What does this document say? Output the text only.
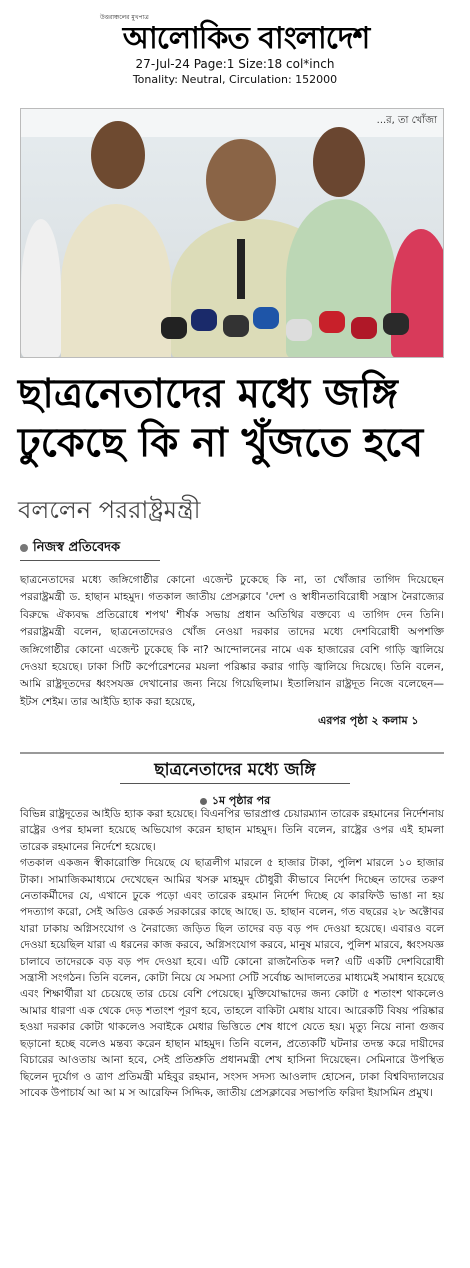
উত্তরাঞ্চলের মুখপাত্র
আলোকিত বাংলাদেশ
27-Jul-24 Page:1 Size:18 col*inch
Tonality: Neutral, Circulation: 152000
...র, তা খোঁজা
ছাত্রনেতাদের মধ্যে জঙ্গি
ঢুকেছে কি না খুঁজতে হবে
বললেন পররাষ্ট্রমন্ত্রী
নিজস্ব প্রতিবেদক
ছাত্রনেতাদের মধ্যে জঙ্গিগোষ্ঠীর কোনো এজেন্ট ঢুকেছে কি না, তা খোঁজার তাগিদ দিয়েছেন পররাষ্ট্রমন্ত্রী ড. হাছান মাহমুদ। গতকাল জাতীয় প্রেসক্লাবে 'দেশ ও স্বাধীনতাবিরোধী সন্ত্রাস নৈরাজ্যের বিরুদ্ধে ঐক্যবদ্ধ প্রতিরোধে শপথ' শীর্ষক সভায় প্রধান অতিথির বক্তব্যে এ তাগিদ দেন তিনি। পররাষ্ট্রমন্ত্রী বলেন, ছাত্রনেতাদেরও খোঁজ নেওয়া দরকার তাদের মধ্যে দেশবিরোধী অপশক্তি জঙ্গিগোষ্ঠীর কোনো এজেন্ট ঢুকেছে কি না? আন্দোলনের নামে এক হাজারের বেশি গাড়ি জ্বালিয়ে দেওয়া হয়েছে। ঢাকা সিটি কর্পোরেশনের ময়লা পরিষ্কার করার গাড়ি জ্বালিয়ে দিয়েছে। তিনি বলেন, আমি রাষ্ট্রদূতদের ধ্বংসযজ্ঞ দেখানোর জন্য নিয়ে গিয়েছিলাম। ইতালিয়ান রাষ্ট্রদূত নিজে বলেছেন— ইটস শেইম। তার আইডি হ্যাক করা হয়েছে,
এরপর পৃষ্ঠা ২ কলাম ১
ছাত্রনেতাদের মধ্যে জঙ্গি
১ম পৃষ্ঠার পর

বিভিন্ন রাষ্ট্রদূতের আইডি হ্যাক করা হয়েছে। বিএনপির ভারপ্রাপ্ত চেয়ারম্যান তারেক রহমানের নির্দেশনায় রাষ্ট্রের ওপর হামলা হয়েছে অভিযোগ করেন হাছান মাহমুদ। তিনি বলেন, রাষ্ট্রের ওপর এই হামলা তারেক রহমানের নির্দেশে হয়েছে।

গতকাল একজন স্বীকারোক্তি দিয়েছে যে ছাত্রলীগ মারলে ৫ হাজার টাকা, পুলিশ মারলে ১০ হাজার টাকা। সামাজিকমাধ্যমে দেখেছেন আমির খসরু মাহমুদ চৌধুরী কীভাবে নির্দেশ দিচ্ছেন তাদের তরুণ নেতাকর্মীদের যে, এখানে ঢুকে পড়ো এবং তারেক রহমান নির্দেশ দিচ্ছে যে কারফিউ ভাঙা না হয় পদত্যাগ করো, সেই অডিও রেকর্ড সরকারের কাছে আছে। ড. হাছান বলেন, গত বছরের ২৮ অক্টোবর যারা ঢাকায় অগ্নিসংযোগ ও নৈরাজ্যে জড়িত ছিল তাদের বড় বড় পদ দেওয়া হয়েছে। এবারও বলে দেওয়া হয়েছিল যারা এ ধরনের কাজ করবে, অগ্নিসংযোগ করবে, মানুষ মারবে, পুলিশ মারবে, ধ্বংসযজ্ঞ চালাবে তাদেরকে বড় বড় পদ দেওয়া হবে। এটি কোনো রাজনৈতিক দল? এটি একটি দেশবিরোধী সন্ত্রাসী সংগঠন। তিনি বলেন, কোটা নিয়ে যে সমস্যা সেটি সর্বোচ্চ আদালতের মাধ্যমেই সমাধান হয়েছে এবং শিক্ষার্থীরা যা চেয়েছে তার চেয়ে বেশি পেয়েছে। মুক্তিযোদ্ধাদের জন্য কোটা ৫ শতাংশ থাকলেও আমার ধারণা এক থেকে দেড় শতাংশ পূরণ হবে, তাহলে বাকিটা মেধায় যাবে। আরেকটি বিষয় পরিষ্কার হওয়া দরকার কোটা থাকলেও সবাইকে মেধার ভিত্তিতে শেষ ধাপে যেতে হয়। মৃত্যু নিয়ে নানা গুজব ছড়ানো হচ্ছে বলেও মন্তব্য করেন হাছান মাহমুদ। তিনি বলেন, প্রত্যেকটি ঘটনার তদন্ত করে দায়ীদের বিচারের আওতায় আনা হবে, সেই প্রতিশ্রুতি প্রধানমন্ত্রী শেখ হাসিনা দিয়েছেন। সেমিনারে উপস্থিত ছিলেন দুর্যোগ ও ত্রাণ প্রতিমন্ত্রী মহিবুর রহমান, সংসদ সদস্য আওলাদ হোসেন, ঢাকা বিশ্ববিদ্যালয়ের সাবেক উপাচার্য আ আ ম স আরেফিন সিদ্দিক, জাতীয় প্রেসক্লাবের সভাপতি ফরিদা ইয়াসমিন প্রমুখ।
